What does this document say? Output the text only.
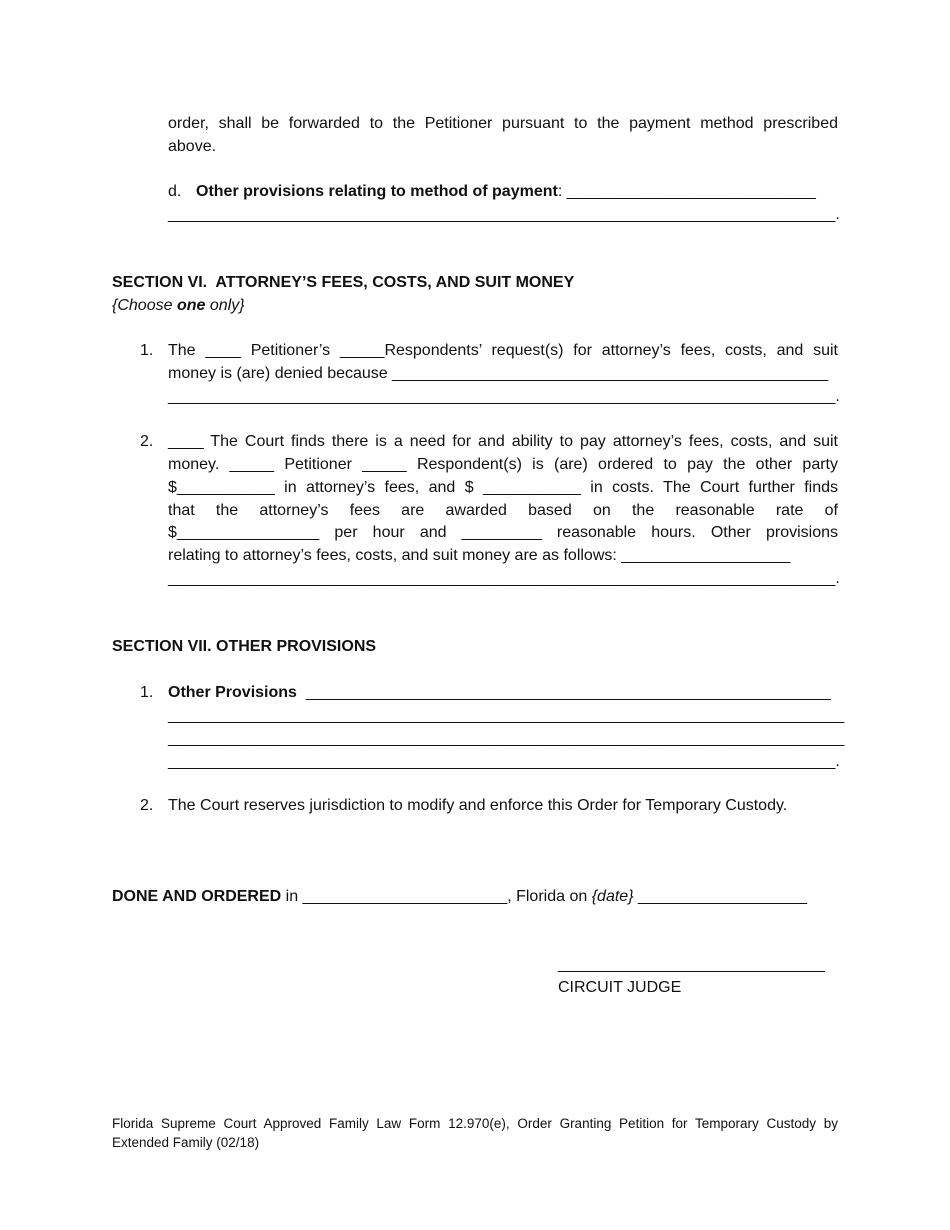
order, shall be forwarded to the Petitioner pursuant to the payment method prescribed
above.
d. Other provisions relating to method of payment: ____________________________
___________________________________________________________________________.
SECTION VI.  ATTORNEY’S FEES, COSTS, AND SUIT MONEY
{Choose one only}
1. The ____ Petitioner’s _____Respondents’ request(s) for attorney’s fees, costs, and suit
money is (are) denied because _________________________________________________
___________________________________________________________________________.
2. ____ The Court finds there is a need for and ability to pay attorney’s fees, costs, and suit
money. _____ Petitioner _____ Respondent(s) is (are) ordered to pay the other party
$___________ in attorney’s fees, and $ ___________ in costs. The Court further finds
that the attorney’s fees are awarded based on the reasonable rate of
$________________ per hour and _________ reasonable hours. Other provisions
relating to attorney’s fees, costs, and suit money are as follows: ___________________
___________________________________________________________________________.
SECTION VII. OTHER PROVISIONS
1. Other Provisions  ___________________________________________________________
____________________________________________________________________________
____________________________________________________________________________
___________________________________________________________________________.
2. The Court reserves jurisdiction to modify and enforce this Order for Temporary Custody.
DONE AND ORDERED in _______________________, Florida on {date} ___________________
______________________________
CIRCUIT JUDGE
Florida Supreme Court Approved Family Law Form 12.970(e), Order Granting Petition for Temporary Custody by Extended Family (02/18)
